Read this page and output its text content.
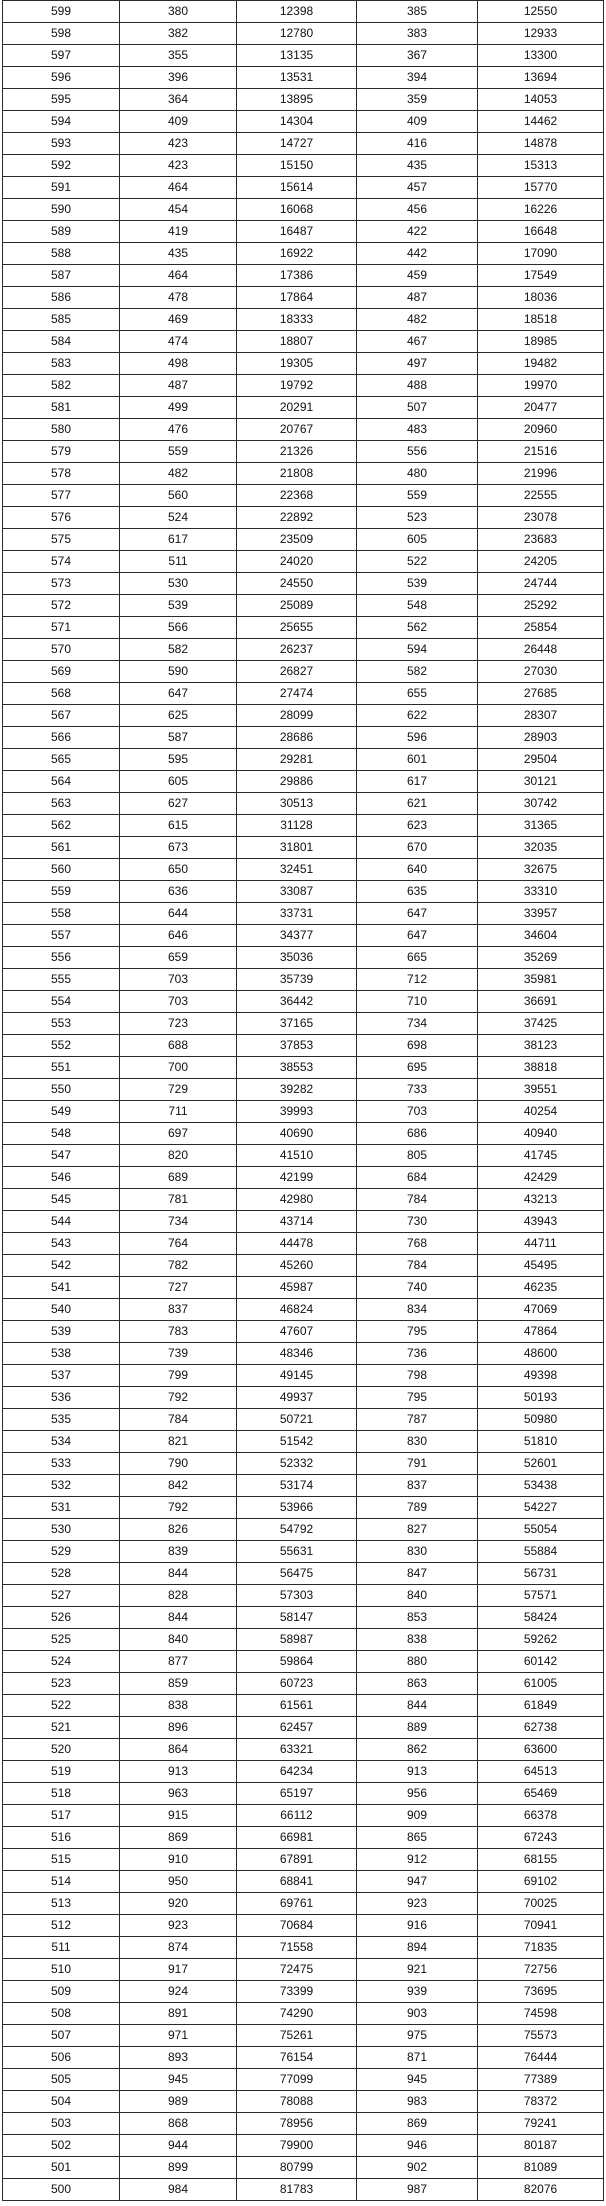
599	380	12398	385	12550
598	382	12780	383	12933
597	355	13135	367	13300
596	396	13531	394	13694
595	364	13895	359	14053
594	409	14304	409	14462
593	423	14727	416	14878
592	423	15150	435	15313
591	464	15614	457	15770
590	454	16068	456	16226
589	419	16487	422	16648
588	435	16922	442	17090
587	464	17386	459	17549
586	478	17864	487	18036
585	469	18333	482	18518
584	474	18807	467	18985
583	498	19305	497	19482
582	487	19792	488	19970
581	499	20291	507	20477
580	476	20767	483	20960
579	559	21326	556	21516
578	482	21808	480	21996
577	560	22368	559	22555
576	524	22892	523	23078
575	617	23509	605	23683
574	511	24020	522	24205
573	530	24550	539	24744
572	539	25089	548	25292
571	566	25655	562	25854
570	582	26237	594	26448
569	590	26827	582	27030
568	647	27474	655	27685
567	625	28099	622	28307
566	587	28686	596	28903
565	595	29281	601	29504
564	605	29886	617	30121
563	627	30513	621	30742
562	615	31128	623	31365
561	673	31801	670	32035
560	650	32451	640	32675
559	636	33087	635	33310
558	644	33731	647	33957
557	646	34377	647	34604
556	659	35036	665	35269
555	703	35739	712	35981
554	703	36442	710	36691
553	723	37165	734	37425
552	688	37853	698	38123
551	700	38553	695	38818
550	729	39282	733	39551
549	711	39993	703	40254
548	697	40690	686	40940
547	820	41510	805	41745
546	689	42199	684	42429
545	781	42980	784	43213
544	734	43714	730	43943
543	764	44478	768	44711
542	782	45260	784	45495
541	727	45987	740	46235
540	837	46824	834	47069
539	783	47607	795	47864
538	739	48346	736	48600
537	799	49145	798	49398
536	792	49937	795	50193
535	784	50721	787	50980
534	821	51542	830	51810
533	790	52332	791	52601
532	842	53174	837	53438
531	792	53966	789	54227
530	826	54792	827	55054
529	839	55631	830	55884
528	844	56475	847	56731
527	828	57303	840	57571
526	844	58147	853	58424
525	840	58987	838	59262
524	877	59864	880	60142
523	859	60723	863	61005
522	838	61561	844	61849
521	896	62457	889	62738
520	864	63321	862	63600
519	913	64234	913	64513
518	963	65197	956	65469
517	915	66112	909	66378
516	869	66981	865	67243
515	910	67891	912	68155
514	950	68841	947	69102
513	920	69761	923	70025
512	923	70684	916	70941
511	874	71558	894	71835
510	917	72475	921	72756
509	924	73399	939	73695
508	891	74290	903	74598
507	971	75261	975	75573
506	893	76154	871	76444
505	945	77099	945	77389
504	989	78088	983	78372
503	868	78956	869	79241
502	944	79900	946	80187
501	899	80799	902	81089
500	984	81783	987	82076
